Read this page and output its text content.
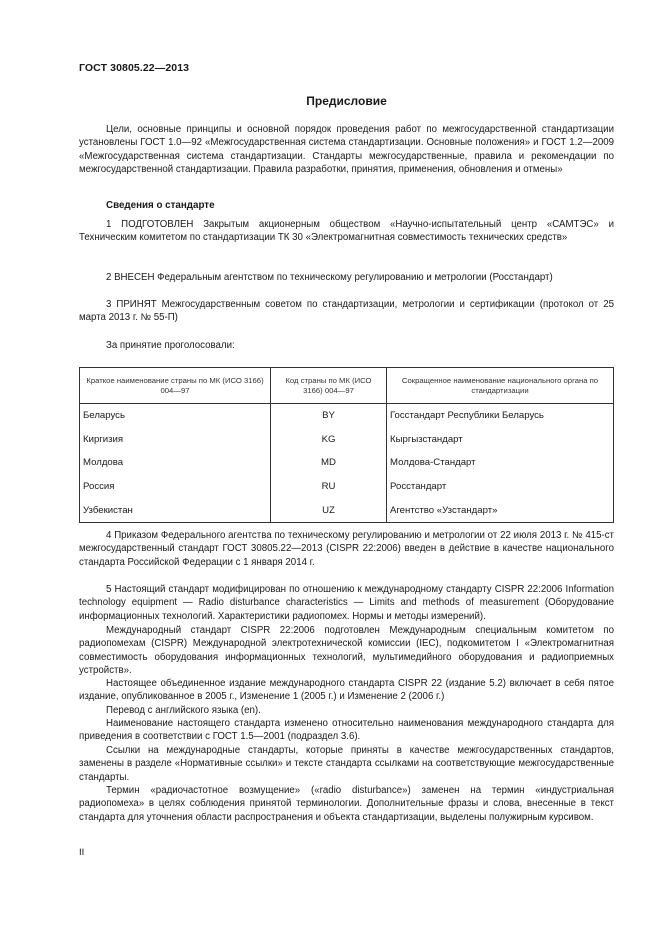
ГОСТ 30805.22—2013
Предисловие

Цели, основные принципы и основной порядок проведения работ по межгосударственной стандартизации установлены ГОСТ 1.0—92 «Межгосударственная система стандартизации. Основные положения» и ГОСТ 1.2—2009 «Межгосударственная система стандартизации. Стандарты межгосударственные, правила и рекомендации по межгосударственной стандартизации. Правила разработки, принятия, применения, обновления и отмены»

Сведения о стандарте

1 ПОДГОТОВЛЕН Закрытым акционерным обществом «Научно-испытательный центр «САМТЭС» и Техническим комитетом по стандартизации ТК 30 «Электромагнитная совместимость технических средств»

2 ВНЕСЕН Федеральным агентством по техническому регулированию и метрологии (Росстандарт)

3 ПРИНЯТ Межгосударственным советом по стандартизации, метрологии и сертификации (протокол от 25 марта 2013 г. № 55-П)

За принятие проголосовали:

Краткое наименование страны по МК (ИСО 3166) 004—97	Код страны по МК (ИСО 3166) 004—97	Сокращенное наименование национального органа по стандартизации
Беларусь	BY	Госстандарт Республики Беларусь
Киргизия	KG	Кыргызстандарт
Молдова	MD	Молдова-Стандарт
Россия	RU	Росстандарт
Узбекистан	UZ	Агентство «Узстандарт»

4 Приказом Федерального агентства по техническому регулированию и метрологии от 22 июля 2013 г. № 415-ст межгосударственный стандарт ГОСТ 30805.22—2013 (CISPR 22:2006) введен в действие в качестве национального стандарта Российской Федерации с 1 января 2014 г.

5 Настоящий стандарт модифицирован по отношению к международному стандарту CISPR 22:2006 Information technology equipment — Radio disturbance characteristics — Limits and methods of measurement (Оборудование информационных технологий. Характеристики радиопомех. Нормы и методы измерений).

Международный стандарт CISPR 22:2006 подготовлен Международным специальным комитетом по радиопомехам (CISPR) Международной электротехнической комиссии (IEC), подкомитетом I «Электромагнитная совместимость оборудования информационных технологий, мультимедийного оборудования и радиоприемных устройств».

Настоящее объединенное издание международного стандарта CISPR 22 (издание 5.2) включает в себя пятое издание, опубликованное в 2005 г., Изменение 1 (2005 г.) и Изменение 2 (2006 г.)

Перевод с английского языка (en).

Наименование настоящего стандарта изменено относительно наименования международного стандарта для приведения в соответствии с ГОСТ 1.5—2001 (подраздел 3.6).

Ссылки на международные стандарты, которые приняты в качестве межгосударственных стандартов, заменены в разделе «Нормативные ссылки» и тексте стандарта ссылками на соответствующие межгосударственные стандарты.

Термин «радиочастотное возмущение» («radio disturbance») заменен на термин «индустриальная радиопомеха» в целях соблюдения принятой терминологии. Дополнительные фразы и слова, внесенные в текст стандарта для уточнения области распространения и объекта стандартизации, выделены полужирным курсивом.

II
